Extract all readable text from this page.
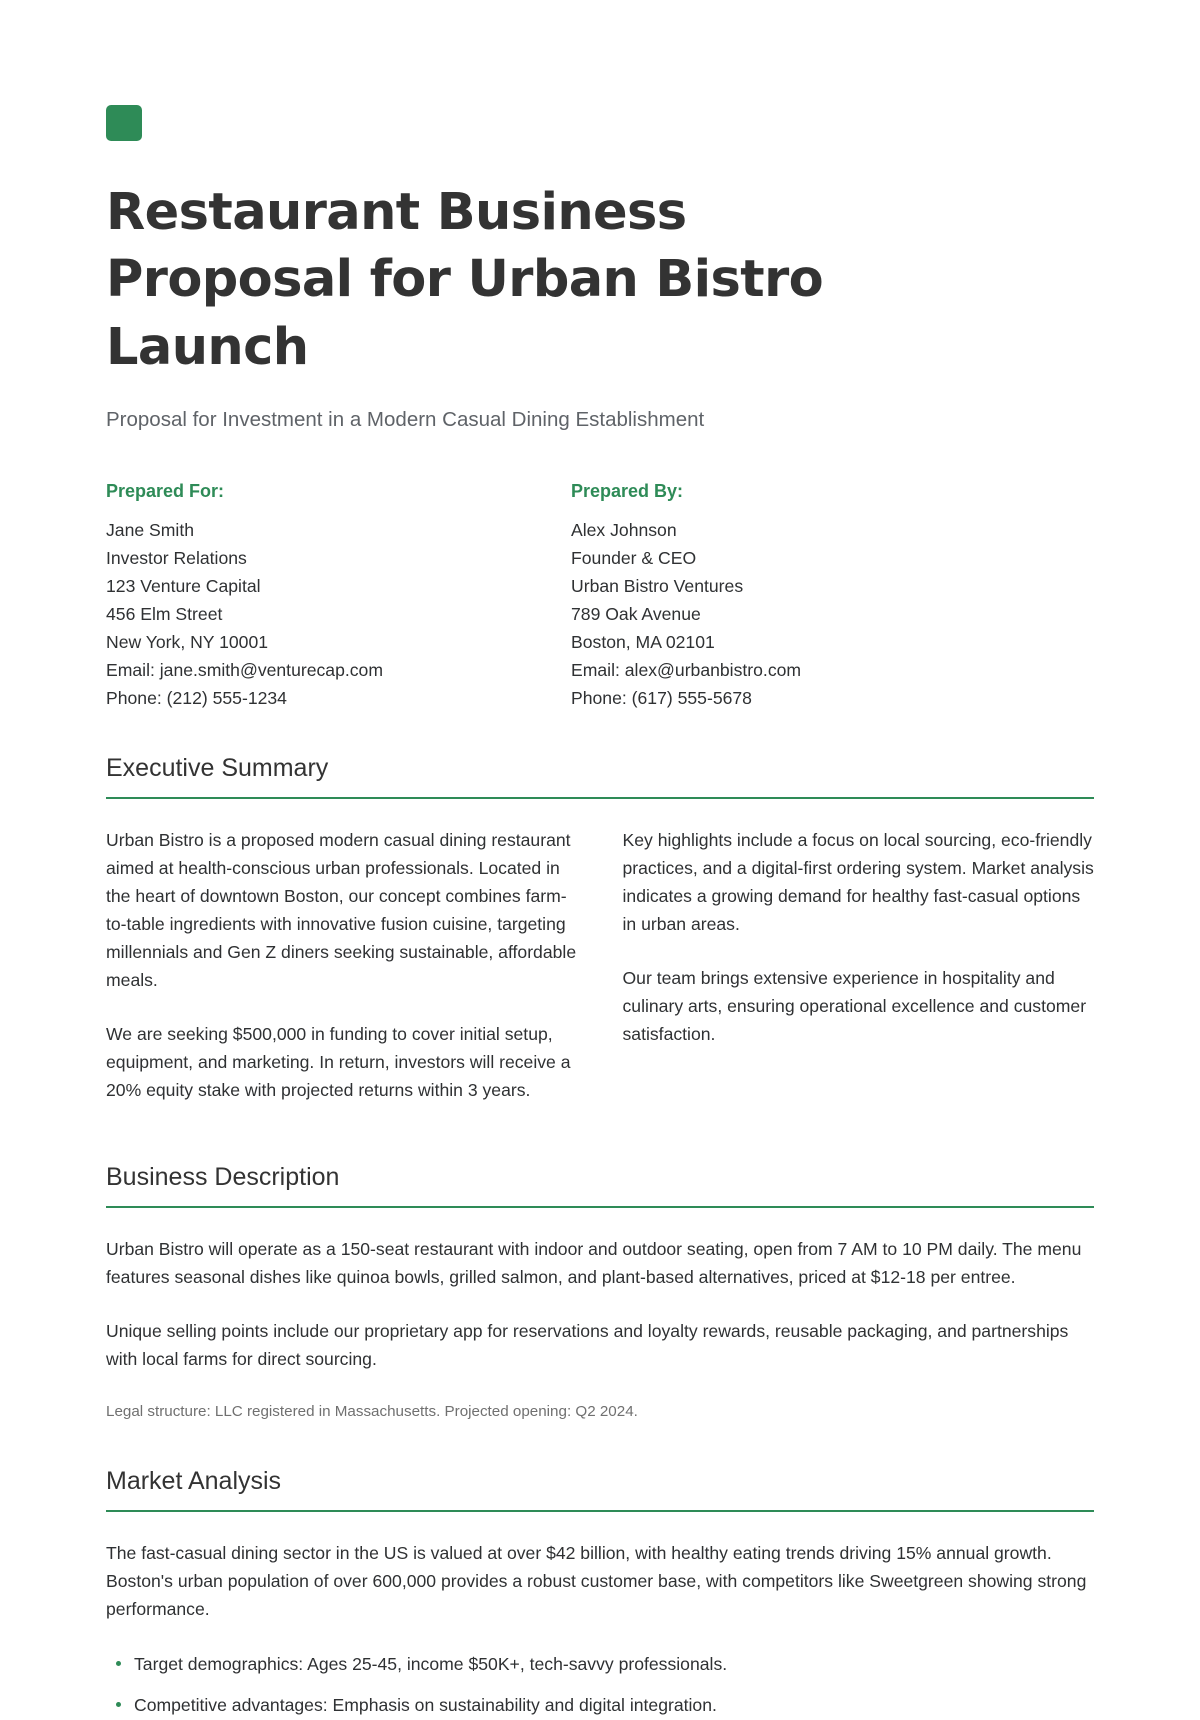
Restaurant Business Proposal for Urban Bistro Launch

Proposal for Investment in a Modern Casual Dining Establishment

Prepared For:
Jane Smith
Investor Relations
123 Venture Capital
456 Elm Street
New York, NY 10001
Email: jane.smith@venturecap.com
Phone: (212) 555-1234
Prepared By:
Alex Johnson
Founder & CEO
Urban Bistro Ventures
789 Oak Avenue
Boston, MA 02101
Email: alex@urbanbistro.com
Phone: (617) 555-5678
Executive Summary

Urban Bistro is a proposed modern casual dining restaurant aimed at health-conscious urban professionals. Located in the heart of downtown Boston, our concept combines farm-to-table ingredients with innovative fusion cuisine, targeting millennials and Gen Z diners seeking sustainable, affordable meals.

We are seeking $500,000 in funding to cover initial setup, equipment, and marketing. In return, investors will receive a 20% equity stake with projected returns within 3 years.

Key highlights include a focus on local sourcing, eco-friendly practices, and a digital-first ordering system. Market analysis indicates a growing demand for healthy fast-casual options in urban areas.

Our team brings extensive experience in hospitality and culinary arts, ensuring operational excellence and customer satisfaction.

Business Description

Urban Bistro will operate as a 150-seat restaurant with indoor and outdoor seating, open from 7 AM to 10 PM daily. The menu features seasonal dishes like quinoa bowls, grilled salmon, and plant-based alternatives, priced at $12-18 per entree.

Unique selling points include our proprietary app for reservations and loyalty rewards, reusable packaging, and partnerships with local farms for direct sourcing.

Legal structure: LLC registered in Massachusetts. Projected opening: Q2 2024.

Market Analysis

The fast-casual dining sector in the US is valued at over $42 billion, with healthy eating trends driving 15% annual growth. Boston's urban population of over 600,000 provides a robust customer base, with competitors like Sweetgreen showing strong performance.

Target demographics: Ages 25-45, income $50K+, tech-savvy professionals.
Competitive advantages: Emphasis on sustainability and digital integration.
